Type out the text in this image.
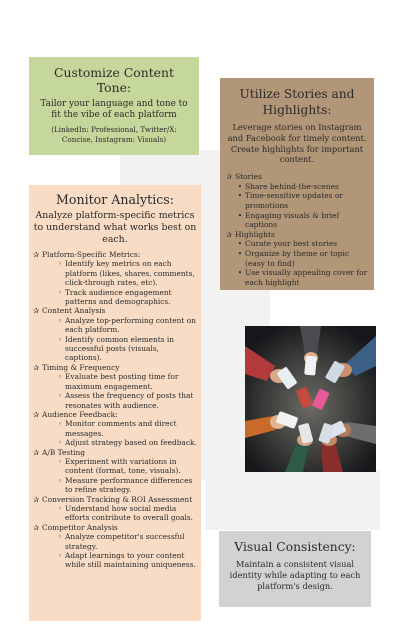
Customize Content Tone:
Tailor your language and tone to fit the vibe of each platform
(LinkedIn: Professional, Twitter/X: Concise, Instagram: Visuals)
Utilize Stories and Highlights:
Leverage stories on Instagram and Facebook for timely content. Create highlights for important content.
✰ Stories
• Share behind-the-scenes
• Time-sensitive updates or promotions
• Engaging visuals & brief captions
✰ Highlights
• Curate your best stories
• Organize by theme or topic (easy to find)
• Use visually appealing cover for each highlight
Monitor Analytics:
Analyze platform-specific metrics to understand what works best on each.
✰ Platform-Specific Metrics:
◦ Identify key metrics on each platform (likes, shares, comments, click-through rates, etc).
◦ Track audience engagement patterns and demographics.
✰ Content Analysis
◦ Analyze top-performing content on each platform.
◦ Identify common elements in successful posts (visuals, captions).
✰ Timing & Frequency
◦ Evaluate best posting time for maximum engagement.
◦ Assess the frequency of posts that resonates with audience.
✰ Audience Feedback:
◦ Monitor comments and direct messages.
◦ Adjust strategy based on feedback.
✰ A/B Testing
◦ Experiment with variations in content (format, tone, visuals).
◦ Measure performance differences to refine strategy.
✰ Conversion Tracking & ROI Assessment
◦ Understand how social media efforts contribute to overall goals.
✰ Competitor Analysis
◦ Analyze competitor's successful strategy.
◦ Adapt learnings to your content while still maintaining uniqueness.
Visual Consistency:
Maintain a consistent visual identity while adapting to each platform's design.
